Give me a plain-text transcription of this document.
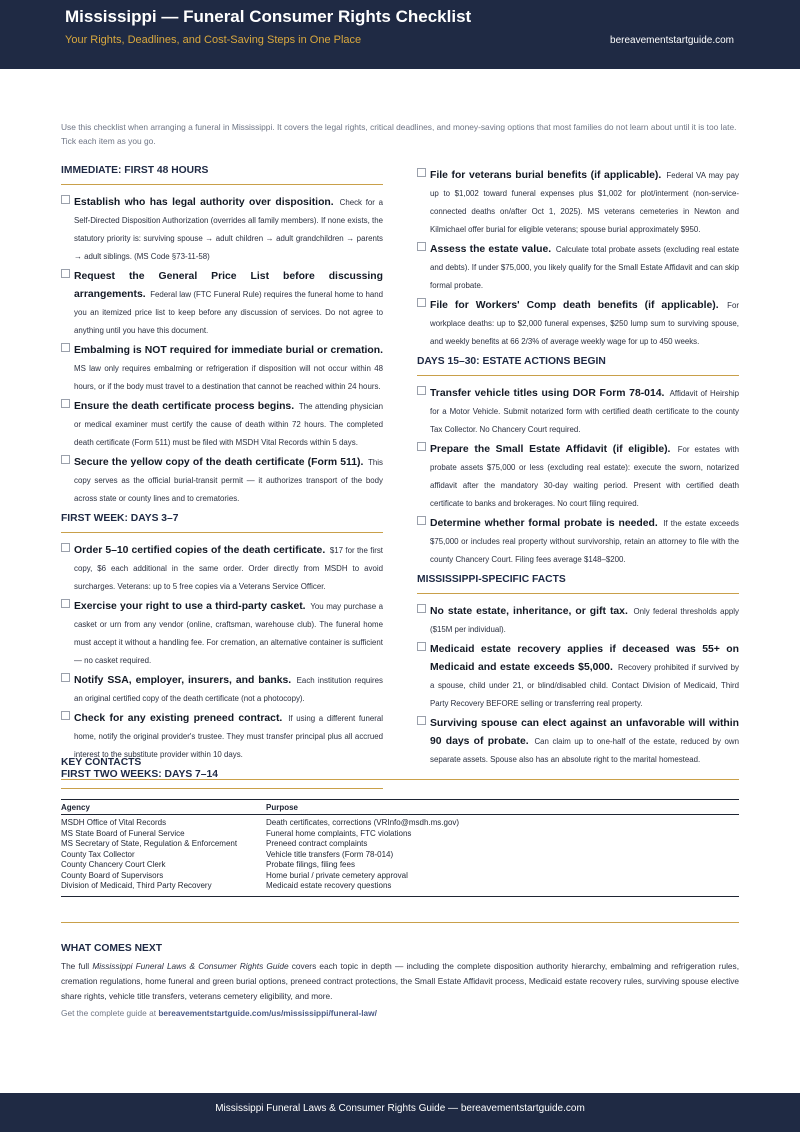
Mississippi — Funeral Consumer Rights Checklist
Your Rights, Deadlines, and Cost-Saving Steps in One Place	bereavementstartguide.com
Use this checklist when arranging a funeral in Mississippi. It covers the legal rights, critical deadlines, and money-saving options that most families do not learn about until it is too late. Tick each item as you go.
IMMEDIATE: FIRST 48 HOURS
Establish who has legal authority over disposition. Check for a Self-Directed Disposition Authorization (overrides all family members). If none exists, the statutory priority is: surviving spouse → adult children → adult grandchildren → parents → adult siblings. (MS Code §73-11-58)
Request the General Price List before discussing arrangements. Federal law (FTC Funeral Rule) requires the funeral home to hand you an itemized price list to keep before any discussion of services. Do not agree to anything until you have this document.
Embalming is NOT required for immediate burial or cremation. MS law only requires embalming or refrigeration if disposition will not occur within 48 hours, or if the body must travel to a destination that cannot be reached within 24 hours.
Ensure the death certificate process begins. The attending physician or medical examiner must certify the cause of death within 72 hours. The completed death certificate (Form 511) must be filed with MSDH Vital Records within 5 days.
Secure the yellow copy of the death certificate (Form 511). This copy serves as the official burial-transit permit — it authorizes transport of the body across state or county lines and to crematories.
FIRST WEEK: DAYS 3–7
Order 5–10 certified copies of the death certificate. $17 for the first copy, $6 each additional in the same order. Order directly from MSDH to avoid surcharges. Veterans: up to 5 free copies via a Veterans Service Officer.
Exercise your right to use a third-party casket. You may purchase a casket or urn from any vendor (online, craftsman, warehouse club). The funeral home must accept it without a handling fee. For cremation, an alternative container is sufficient — no casket required.
Notify SSA, employer, insurers, and banks. Each institution requires an original certified copy of the death certificate (not a photocopy).
Check for any existing preneed contract. If using a different funeral home, notify the original provider's trustee. They must transfer principal plus all accrued interest to the substitute provider within 10 days.
FIRST TWO WEEKS: DAYS 7–14
File for veterans burial benefits (if applicable). Federal VA may pay up to $1,002 toward funeral expenses plus $1,002 for plot/interment (non-service-connected deaths on/after Oct 1, 2025). MS veterans cemeteries in Newton and Kilmichael offer burial for eligible veterans; spouse burial approximately $950.
Assess the estate value. Calculate total probate assets (excluding real estate and debts). If under $75,000, you likely qualify for the Small Estate Affidavit and can skip formal probate.
File for Workers' Comp death benefits (if applicable). For workplace deaths: up to $2,000 funeral expenses, $250 lump sum to surviving spouse, and weekly benefits at 66 2/3% of average weekly wage for up to 450 weeks.
DAYS 15–30: ESTATE ACTIONS BEGIN
Transfer vehicle titles using DOR Form 78-014. Affidavit of Heirship for a Motor Vehicle. Submit notarized form with certified death certificate to the county Tax Collector. No Chancery Court required.
Prepare the Small Estate Affidavit (if eligible). For estates with probate assets $75,000 or less (excluding real estate): execute the sworn, notarized affidavit after the mandatory 30-day waiting period. Present with certified death certificate to banks and brokerages. No court filing required.
Determine whether formal probate is needed. If the estate exceeds $75,000 or includes real property without survivorship, retain an attorney to file with the county Chancery Court. Filing fees average $148–$200.
MISSISSIPPI-SPECIFIC FACTS
No state estate, inheritance, or gift tax. Only federal thresholds apply ($15M per individual).
Medicaid estate recovery applies if deceased was 55+ on Medicaid and estate exceeds $5,000. Recovery prohibited if survived by a spouse, child under 21, or blind/disabled child. Contact Division of Medicaid, Third Party Recovery BEFORE selling or transferring real property.
Surviving spouse can elect against an unfavorable will within 90 days of probate. Can claim up to one-half of the estate, reduced by own separate assets. Spouse also has an absolute right to the marital homestead.
KEY CONTACTS
Agency	Purpose
MSDH Office of Vital Records	Death certificates, corrections (VRInfo@msdh.ms.gov)
MS State Board of Funeral Service	Funeral home complaints, FTC violations
MS Secretary of State, Regulation & Enforcement	Preneed contract complaints
County Tax Collector	Vehicle title transfers (Form 78-014)
County Chancery Court Clerk	Probate filings, filing fees
County Board of Supervisors	Home burial / private cemetery approval
Division of Medicaid, Third Party Recovery	Medicaid estate recovery questions
WHAT COMES NEXT
The full Mississippi Funeral Laws & Consumer Rights Guide covers each topic in depth — including the complete disposition authority hierarchy, embalming and refrigeration rules, cremation regulations, home funeral and green burial options, preneed contract protections, the Small Estate Affidavit process, Medicaid estate recovery rules, surviving spouse elective share rights, vehicle title transfers, veterans cemetery eligibility, and more.
Get the complete guide at bereavementstartguide.com/us/mississippi/funeral-law/
Mississippi Funeral Laws & Consumer Rights Guide — bereavementstartguide.com
